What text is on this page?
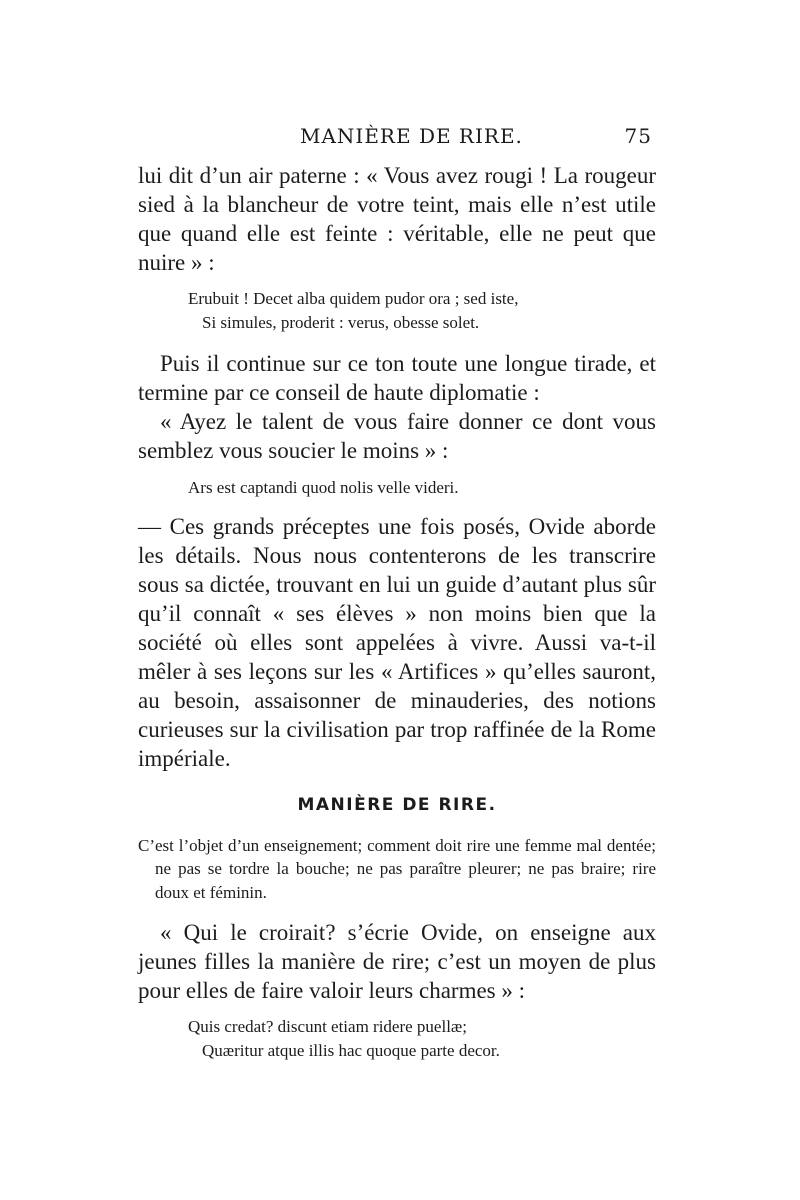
MANIÈRE DE RIRE.	75

lui dit d’un air paterne : « Vous avez rougi ! La rougeur sied à la blancheur de votre teint, mais elle n’est utile que quand elle est feinte : véritable, elle ne peut que nuire » :

Erubuit ! Decet alba quidem pudor ora ; sed iste,
Si simules, proderit : verus, obesse solet.

Puis il continue sur ce ton toute une longue tirade, et termine par ce conseil de haute diplomatie :

« Ayez le talent de vous faire donner ce dont vous semblez vous soucier le moins » :

Ars est captandi quod nolis velle videri.

— Ces grands préceptes une fois posés, Ovide aborde les détails. Nous nous contenterons de les transcrire sous sa dictée, trouvant en lui un guide d’autant plus sûr qu’il connaît « ses élèves » non moins bien que la société où elles sont appelées à vivre. Aussi va-t-il mêler à ses leçons sur les « Artifices » qu’elles sauront, au besoin, assaisonner de minauderies, des notions curieuses sur la civilisation par trop raffinée de la Rome impériale.

MANIÈRE DE RIRE.

C’est l’objet d’un enseignement; comment doit rire une femme mal dentée; ne pas se tordre la bouche; ne pas paraître pleurer; ne pas braire; rire doux et féminin.

« Qui le croirait? s’écrie Ovide, on enseigne aux jeunes filles la manière de rire; c’est un moyen de plus pour elles de faire valoir leurs charmes » :

Quis credat? discunt etiam ridere puellæ;
Quæritur atque illis hac quoque parte decor.
